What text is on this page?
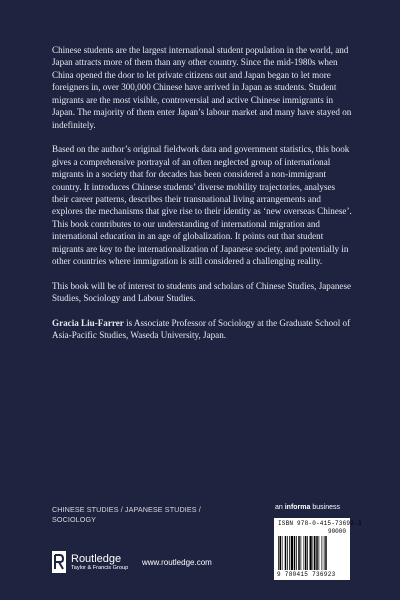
Chinese students are the largest international student population in the world, and Japan attracts more of them than any other country. Since the mid-1980s when China opened the door to let private citizens out and Japan began to let more foreigners in, over 300,000 Chinese have arrived in Japan as students. Student migrants are the most visible, controversial and active Chinese immigrants in Japan. The majority of them enter Japan’s labour market and many have stayed on indefinitely.

Based on the author’s original fieldwork data and government statistics, this book gives a comprehensive portrayal of an often neglected group of international migrants in a society that for decades has been considered a non-immigrant country. It introduces Chinese students’ diverse mobility trajectories, analyses their career patterns, describes their transnational living arrangements and explores the mechanisms that give rise to their identity as ‘new overseas Chinese’. This book contributes to our understanding of international migration and international education in an age of globalization. It points out that student migrants are key to the internationalization of Japanese society, and potentially in other countries where immigration is still considered a challenging reality.

This book will be of interest to students and scholars of Chinese Studies, Japanese Studies, Sociology and Labour Studies.

Gracia Liu-Farrer is Associate Professor of Sociology at the Graduate School of Asia-Pacific Studies, Waseda University, Japan.

CHINESE STUDIES / JAPANESE STUDIES /
SOCIOLOGY
an informa business
ISBN 978-0-415-73692-3
90000
9 780415 736923
Routledge
Taylor & Francis Group
www.routledge.com
